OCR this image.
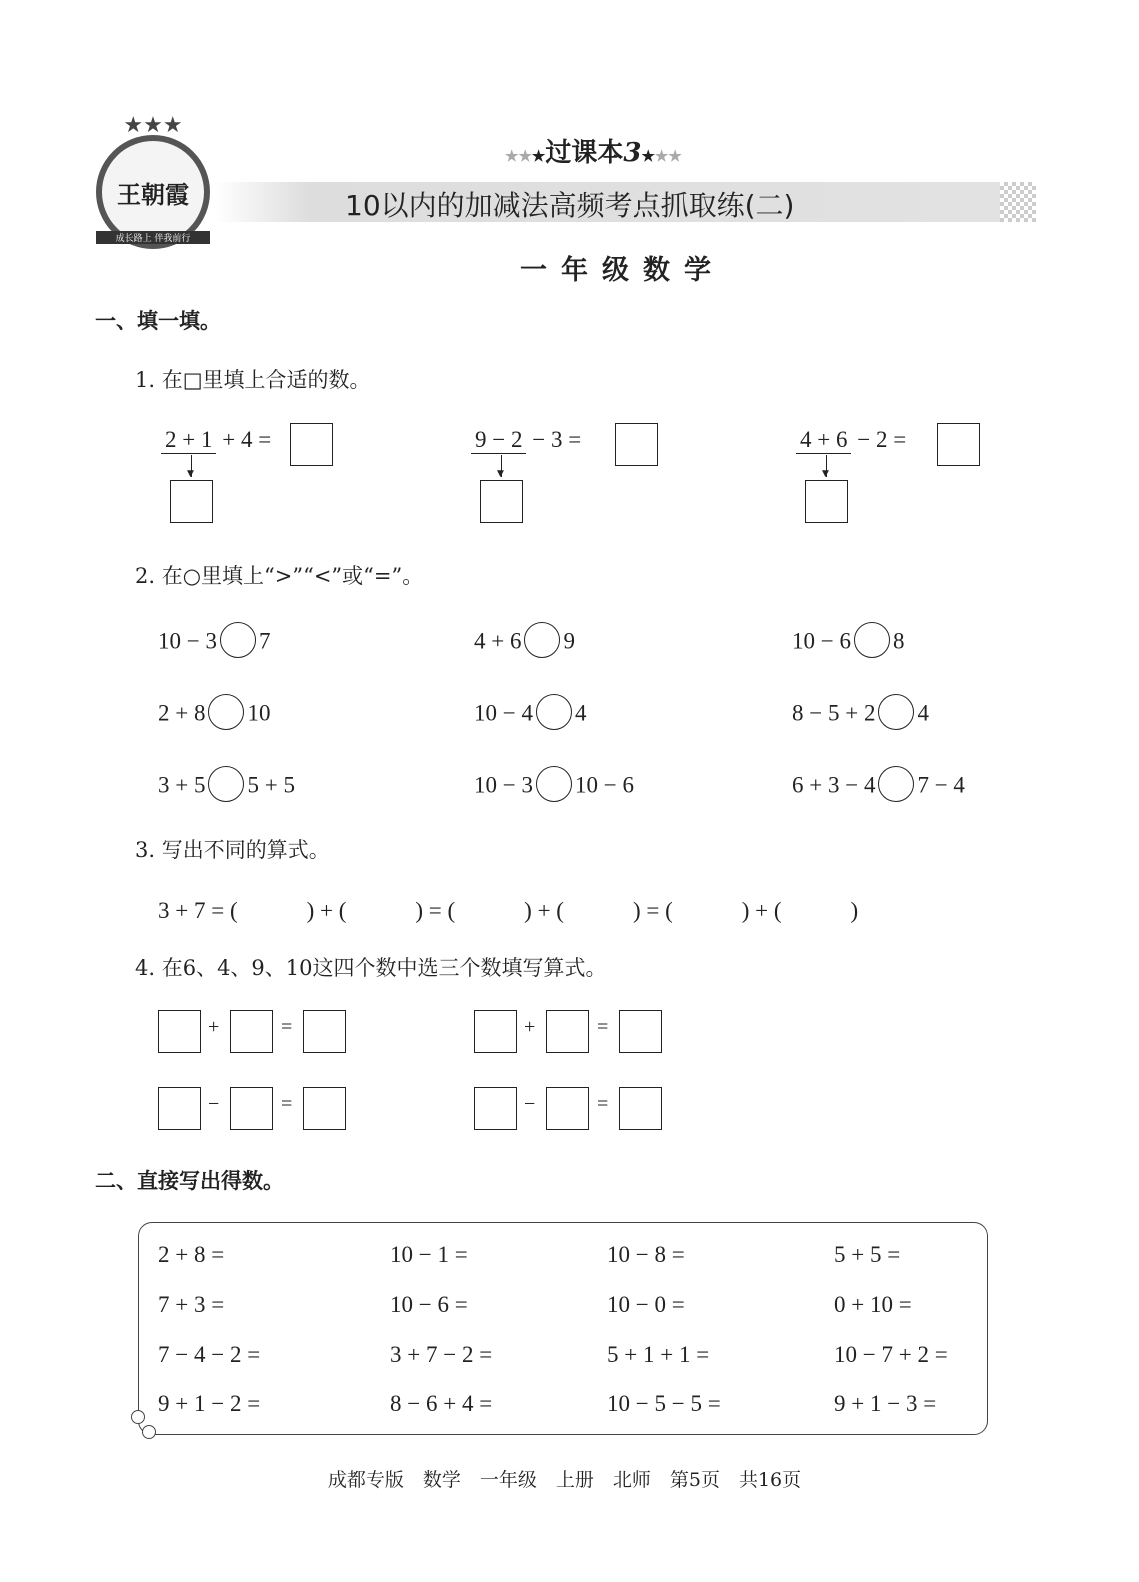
★★★
王朝霞
成长路上 伴我前行
★★★过课本3★★★
10以内的加减法高频考点抓取练(二)
一年级数学
一、填一填。
1. 在□里填上合适的数。
2 + 1 + 4 =
▼
9 − 2 − 3 =
▼
4 + 6 − 2 =
▼
2. 在○里填上“>”“<”或“=”。
10 − 3 7	4 + 6 9	10 − 6 8
2 + 8 10	10 − 4 4	8 − 5 + 2 4
3 + 5 5 + 5	10 − 3 10 − 6	6 + 3 − 4 7 − 4
3. 写出不同的算式。
3 + 7 = (　　　) + (　　　) = (　　　) + (　　　) = (　　　) + (　　　)
4. 在6、4、9、10这四个数中选三个数填写算式。
+	=	+	=
−	=	−	=
二、直接写出得数。
2 + 8 =	10 − 1 =	10 − 8 =	5 + 5 =
7 + 3 =	10 − 6 =	10 − 0 =	0 + 10 =
7 − 4 − 2 =	3 + 7 − 2 =	5 + 1 + 1 =	10 − 7 + 2 =
9 + 1 − 2 =	8 − 6 + 4 =	10 − 5 − 5 =	9 + 1 − 3 =
成都专版　数学　一年级　上册　北师　第5页　共16页
